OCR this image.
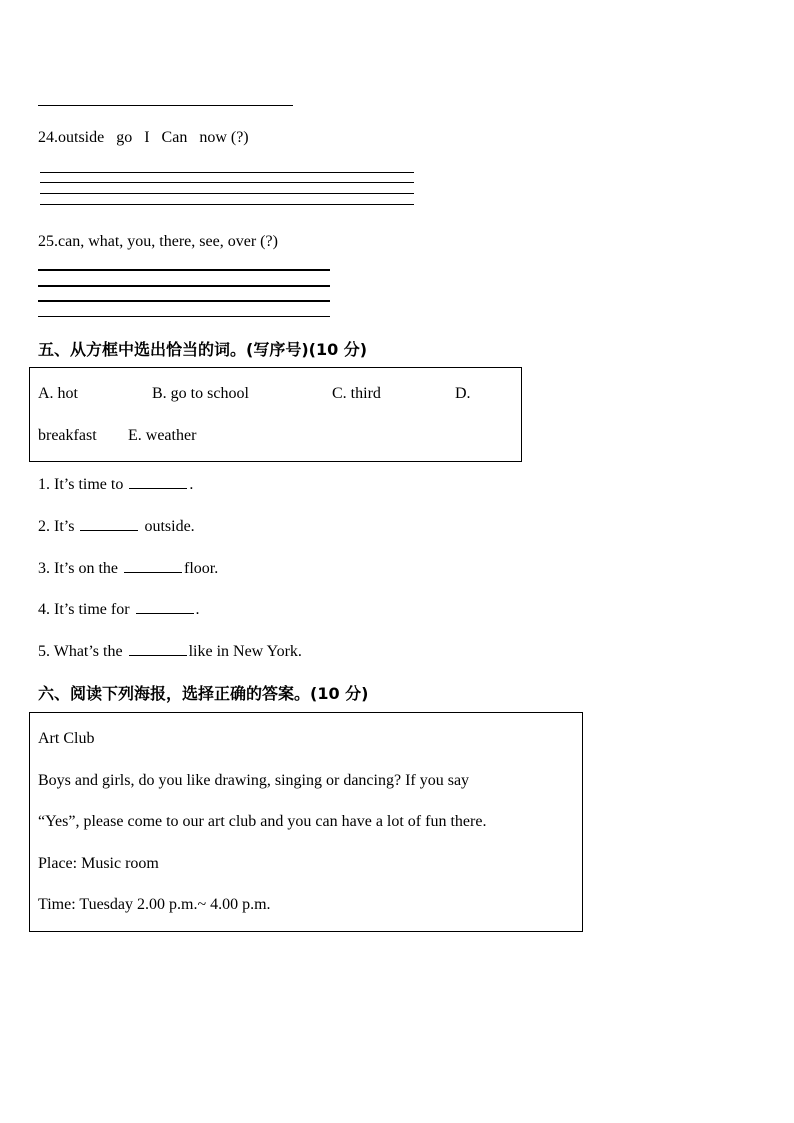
24.outside   go   I   Can   now (?)
25.can, what, you, there, see, over (?)
五、从方框中选出恰当的词。(写序号)(10 分)
A. hot	B. go to school	C. third	D.
breakfast E. weather
1. It’s time to	.
2. It’s	outside.
3. It’s on the	floor.
4. It’s time for	.
5. What’s the	like in New York.
六、阅读下列海报，选择正确的答案。(10 分)
Art Club
Boys and girls, do you like drawing, singing or dancing? If you say
“Yes”, please come to our art club and you can have a lot of fun there.
Place: Music room
Time: Tuesday 2.00 p.m.~ 4.00 p.m.
